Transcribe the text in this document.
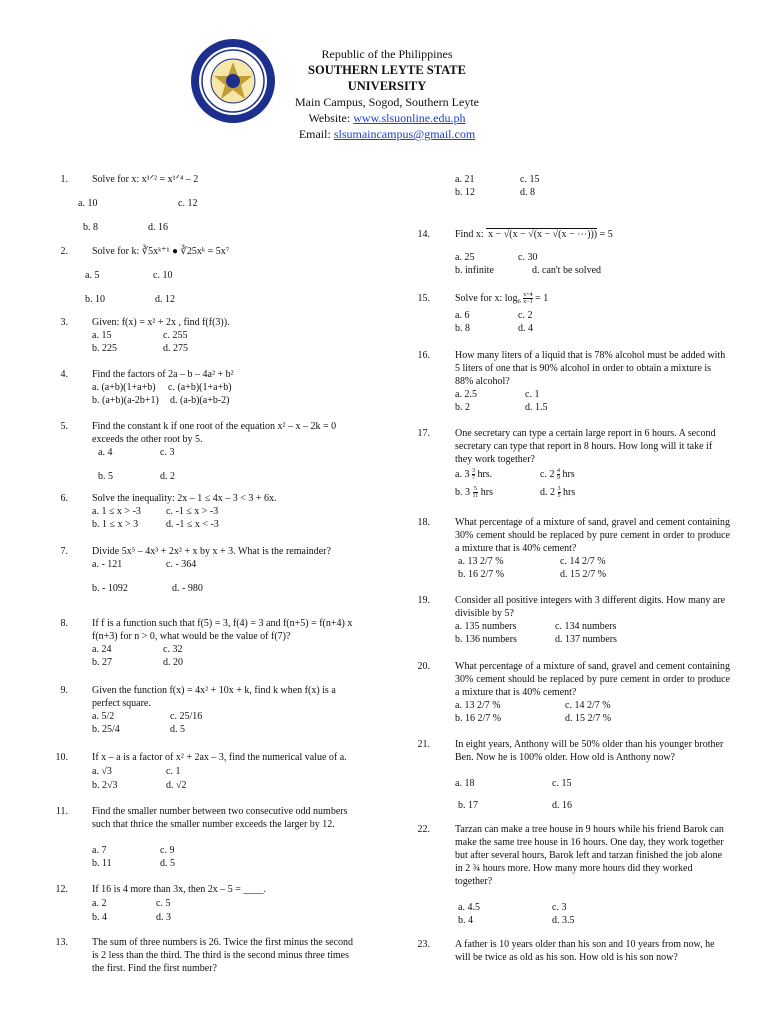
Republic of the Philippines
SOUTHERN LEYTE STATE UNIVERSITY
Main Campus, Sogod, Southern Leyte
Website: www.slsuonline.edu.ph
Email: slsumaincampus@gmail.com
1. Solve for x: x¹ᐟ² = x¹ᐟ⁴ – 2
a. 10	c. 12
b. 8	d. 16
2. Solve for k: ∛5xᵏ⁺¹ ● ∛25xᵏ = 5x⁷
a. 5	c. 10
b. 10	d. 12
3. Given: f(x) = x² + 2x , find f(f(3)).
a. 15	c. 255
b. 225	d. 275
4. Find the factors of 2a – b – 4a² + b²
a. (a+b)(1+a+b) c. (a+b)(1+a+b)
b. (a+b)(a-2b+1) d. (a-b)(a+b-2)
5. Find the constant k if one root of the equation x² – x – 2k = 0 exceeds the other root by 5.
a. 4	c. 3
b. 5	d. 2
6. Solve the inequality: 2x – 1 ≤ 4x – 3 < 3 + 6x.
a. 1 ≤ x > -3	c. -1 ≤ x > -3
b. 1 ≤ x > 3	d. -1 ≤ x < -3
7. Divide 5x⁵ – 4x³ + 2x² + x by x + 3. What is the remainder?
a. - 121	c. - 364
b. - 1092	d. - 980
8. If f is a function such that f(5) = 3, f(4) = 3 and f(n+5) = f(n+4) x f(n+3) for n > 0, what would be the value of f(7)?
a. 24	c. 32
b. 27	d. 20
9. Given the function f(x) = 4x² + 10x + k, find k when f(x) is a perfect square.
a. 5/2	c. 25/16
b. 25/4	d. 5
10. If x – a is a factor of x² + 2ax – 3, find the numerical value of a.
a. √3	c. 1
b. 2√3	d. √2
11. Find the smaller number between two consecutive odd numbers such that thrice the smaller number exceeds the larger by 12.
a. 7	c. 9
b. 11	d. 5
12. If 16 is 4 more than 3x, then 2x – 5 = ____.
a. 2	c. 5
b. 4	d. 3
13. The sum of three numbers is 26. Twice the first minus the second is 2 less than the third. The third is the second minus three times the first. Find the first number?
a. 21	c. 15
b. 12	d. 8
14.	Find x: x − √(x − √(x − √(x − ⋯))) = 5
a. 25	c. 30
b. infinite	d. can't be solved
15.	Solve for x: $\log_6 \frac{x+4}{x-1} = 1$
a. 6	c. 2
b. 8	d. 4
16.	How many liters of a liquid that is 78% alcohol must be added with 5 liters of one that is 90% alcohol in order to obtain a mixture is 88% alcohol?
a. 2.5	c. 1
b. 2	d. 1.5
17.	One secretary can type a certain large report in 6 hours. A second secretary can type that report in 8 hours. How long will it take if they work together?
a. $3 \frac{3}{7}$ hrs.	c. $2 \frac{4}{9}$ hrs
b. $3 \frac{5}{11}$ hrs	d. $2 \frac{3}{5}$ hrs
18.	What percentage of a mixture of sand, gravel and cement containing 30% cement should be replaced by pure cement in order to produce a mixture that is 40% cement?
a. 13 2/7 %	c. 14 2/7 %
b. 16 2/7 %	d. 15 2/7 %
19.	Consider all positive integers with 3 different digits. How many are divisible by 5?
a. 135 numbers	c. 134 numbers
b. 136 numbers	d. 137 numbers
20.	What percentage of a mixture of sand, gravel and cement containing 30% cement should be replaced by pure cement in order to produce a mixture that is 40% cement?
a. 13 2/7 %	c. 14 2/7 %
b. 16 2/7 %	d. 15 2/7 %
21.	In eight years, Anthony will be 50% older than his younger brother Ben. Now he is 100% older. How old is Anthony now?
a. 18	c. 15
b. 17	d. 16
22.	Tarzan can make a tree house in 9 hours while his friend Barok can make the same tree house in 16 hours. One day, they work together but after several hours, Barok left and tarzan finished the job alone in 2 ¾ hours more. How many more hours did they worked together?
a. 4.5	c. 3
b. 4	d. 3.5
23.	A father is 10 years older than his son and 10 years from now, he will be twice as old as his son. How old is his son now?
